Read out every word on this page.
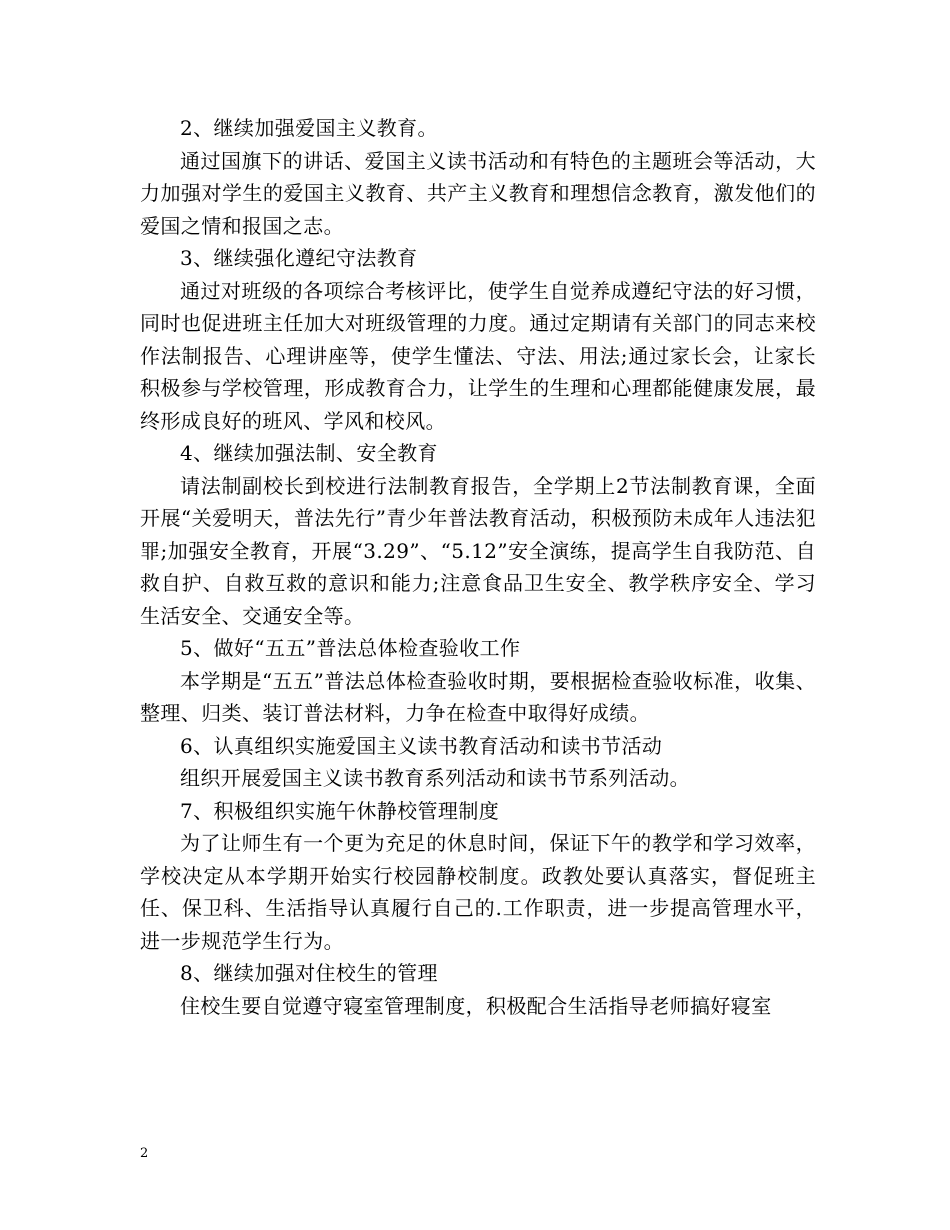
2、继续加强爱国主义教育。

通过国旗下的讲话、爱国主义读书活动和有特色的主题班会等活动，大力加强对学生的爱国主义教育、共产主义教育和理想信念教育，激发他们的爱国之情和报国之志。

3、继续强化遵纪守法教育

通过对班级的各项综合考核评比，使学生自觉养成遵纪守法的好习惯，同时也促进班主任加大对班级管理的力度。通过定期请有关部门的同志来校作法制报告、心理讲座等，使学生懂法、守法、用法;通过家长会，让家长积极参与学校管理，形成教育合力，让学生的生理和心理都能健康发展，最终形成良好的班风、学风和校风。

4、继续加强法制、安全教育

请法制副校长到校进行法制教育报告，全学期上2节法制教育课，全面开展“关爱明天，普法先行”青少年普法教育活动，积极预防未成年人违法犯罪;加强安全教育，开展“3.29”、“5.12”安全演练，提高学生自我防范、自救自护、自救互救的意识和能力;注意食品卫生安全、教学秩序安全、学习生活安全、交通安全等。

5、做好“五五”普法总体检查验收工作

本学期是“五五”普法总体检查验收时期，要根据检查验收标准，收集、整理、归类、装订普法材料，力争在检查中取得好成绩。

6、认真组织实施爱国主义读书教育活动和读书节活动

组织开展爱国主义读书教育系列活动和读书节系列活动。

7、积极组织实施午休静校管理制度

为了让师生有一个更为充足的休息时间，保证下午的教学和学习效率，学校决定从本学期开始实行校园静校制度。政教处要认真落实，督促班主任、保卫科、生活指导认真履行自己的.工作职责，进一步提高管理水平，进一步规范学生行为。

8、继续加强对住校生的管理

住校生要自觉遵守寝室管理制度，积极配合生活指导老师搞好寝室

2
